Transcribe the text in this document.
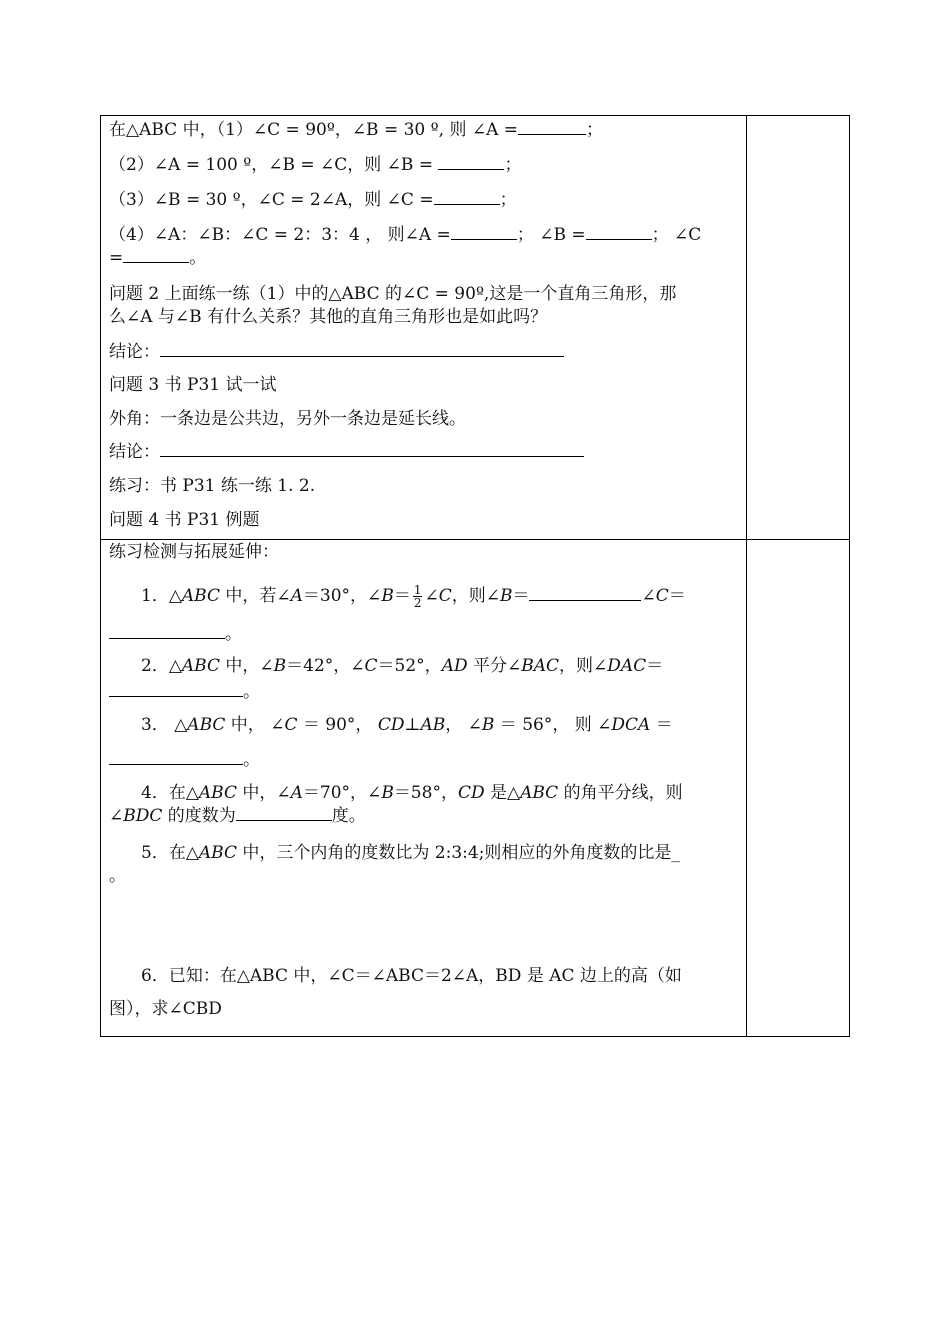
在△ABC 中，（1）∠C = 90º，∠B = 30 º, 则 ∠A =	；
（2）∠A = 100 º，∠B = ∠C，则 ∠B =	；
（3）∠B = 30 º，∠C = 2∠A，则 ∠C =	；
（4）∠A：∠B：∠C = 2：3：4 ， 则∠A =	； ∠B =	； ∠C
=	。
问题 2 上面练一练（1）中的△ABC 的∠C = 90º,这是一个直角三角形，那
么∠A 与∠B 有什么关系？其他的直角三角形也是如此吗？
结论：
问题 3 书 P31 试一试
外角：一条边是公共边，另外一条边是延长线。
结论：
练习：书 P31 练一练 1. 2.
问题 4 书 P31 例题
练习检测与拓展延伸：
1．△ABC 中，若∠A＝30°，∠B＝ $\frac{1}{2}$ ∠C，则∠B＝	∠C＝
。
2．△ABC 中，∠B＝42°，∠C＝52°，AD 平分∠BAC，则∠DAC＝
。
3． △ABC 中， ∠C ＝ 90°， CD⊥AB， ∠B ＝ 56°， 则 ∠DCA ＝
。
4．在△ABC 中，∠A＝70°，∠B＝58°，CD 是△ABC 的角平分线，则
∠BDC 的度数为	度。
5．在△ABC 中，三个内角的度数比为 2:3:4;则相应的外角度数的比是_
。
6．已知：在△ABC 中，∠C＝∠ABC＝2∠A，BD 是 AC 边上的高（如
图），求∠CBD
